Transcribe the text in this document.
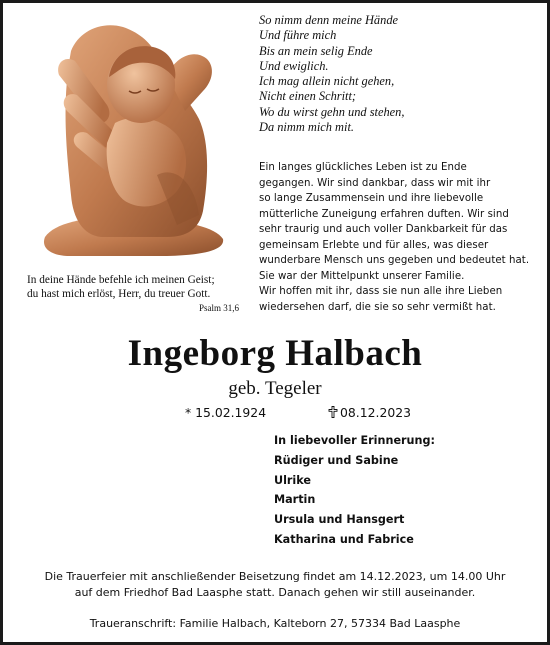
In deine Hände befehle ich meinen Geist;
du hast mich erlöst, Herr, du treuer Gott.
Psalm 31,6
So nimm denn meine Hände
Und führe mich
Bis an mein selig Ende
Und ewiglich.
Ich mag allein nicht gehen,
Nicht einen Schritt;
Wo du wirst gehn und stehen,
Da nimm mich mit.
Ein langes glückliches Leben ist zu Ende
gegangen. Wir sind dankbar, dass wir mit ihr
so lange Zusammensein und ihre liebevolle
mütterliche Zuneigung erfahren duften. Wir sind
sehr traurig und auch voller Dankbarkeit für das
gemeinsam Erlebte und für alles, was dieser
wunderbare Mensch uns gegeben und bedeutet hat.
Sie war der Mittelpunkt unserer Familie.
Wir hoffen mit ihr, dass sie nun alle ihre Lieben
wiedersehen darf, die sie so sehr vermißt hat.
Ingeborg Halbach
geb. Tegeler
* 15.02.1924	08.12.2023
In liebevoller Erinnerung:
Rüdiger und Sabine
Ulrike
Martin
Ursula und Hansgert
Katharina und Fabrice
Die Trauerfeier mit anschließender Beisetzung findet am 14.12.2023, um 14.00 Uhr
auf dem Friedhof Bad Laasphe statt. Danach gehen wir still auseinander.
Traueranschrift: Familie Halbach, Kalteborn 27, 57334 Bad Laasphe
